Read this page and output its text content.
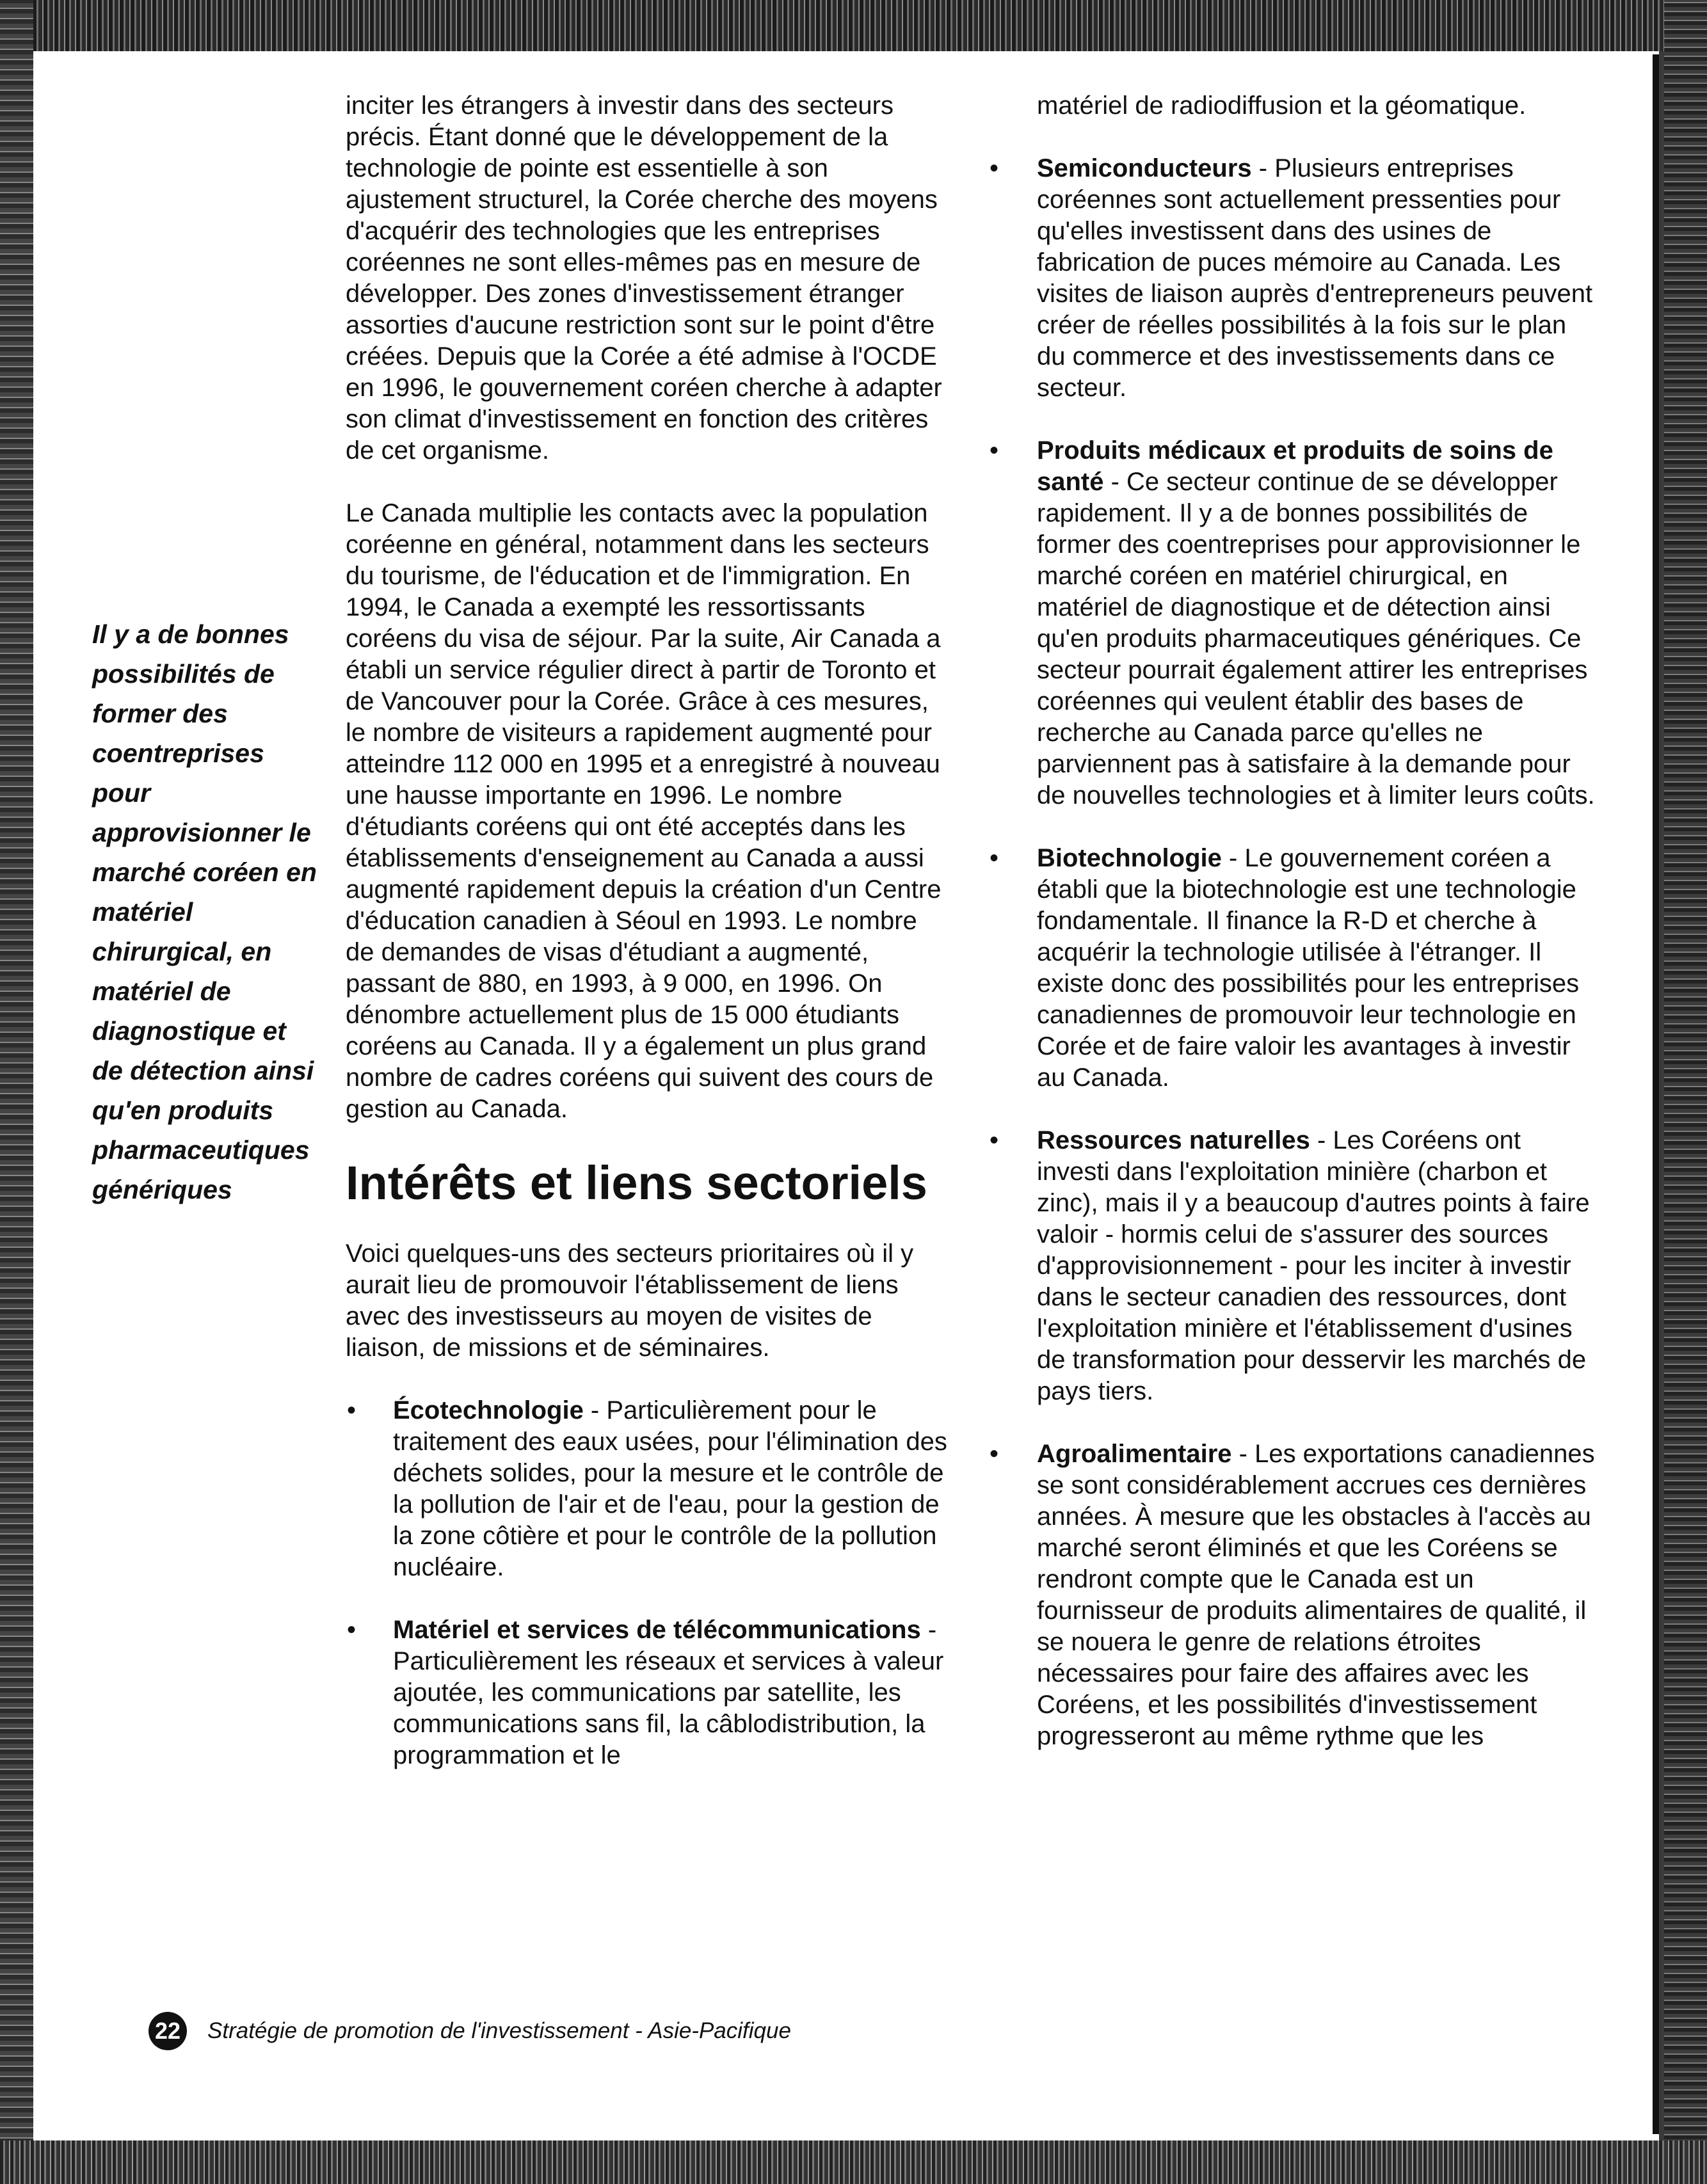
Il y a de bonnes possibilités de former des coentreprises pour approvisionner le marché coréen en matériel chirurgical, en matériel de diagnostique et de détection ainsi qu'en produits pharmaceutiques génériques

inciter les étrangers à investir dans des secteurs précis. Étant donné que le développement de la technologie de pointe est essentielle à son ajustement structurel, la Corée cherche des moyens d'acquérir des technologies que les entreprises coréennes ne sont elles-mêmes pas en mesure de développer. Des zones d'investissement étranger assorties d'aucune restriction sont sur le point d'être créées. Depuis que la Corée a été admise à l'OCDE en 1996, le gouvernement coréen cherche à adapter son climat d'investissement en fonction des critères de cet organisme.

Le Canada multiplie les contacts avec la population coréenne en général, notamment dans les secteurs du tourisme, de l'éducation et de l'immigration. En 1994, le Canada a exempté les ressortissants coréens du visa de séjour. Par la suite, Air Canada a établi un service régulier direct à partir de Toronto et de Vancouver pour la Corée. Grâce à ces mesures, le nombre de visiteurs a rapidement augmenté pour atteindre 112 000 en 1995 et a enregistré à nouveau une hausse importante en 1996. Le nombre d'étudiants coréens qui ont été acceptés dans les établissements d'enseignement au Canada a aussi augmenté rapidement depuis la création d'un Centre d'éducation canadien à Séoul en 1993. Le nombre de demandes de visas d'étudiant a augmenté, passant de 880, en 1993, à 9 000, en 1996. On dénombre actuellement plus de 15 000 étudiants coréens au Canada. Il y a également un plus grand nombre de cadres coréens qui suivent des cours de gestion au Canada.

Intérêts et liens sectoriels

Voici quelques-uns des secteurs prioritaires où il y aurait lieu de promouvoir l'établissement de liens avec des investisseurs au moyen de visites de liaison, de missions et de séminaires.

• Écotechnologie - Particulièrement pour le traitement des eaux usées, pour l'élimination des déchets solides, pour la mesure et le contrôle de la pollution de l'air et de l'eau, pour la gestion de la zone côtière et pour le contrôle de la pollution nucléaire.
• Matériel et services de télécommunications - Particulièrement les réseaux et services à valeur ajoutée, les communications par satellite, les communications sans fil, la câblodistribution, la programmation et le
matériel de radiodiffusion et la géomatique.
• Semiconducteurs - Plusieurs entreprises coréennes sont actuellement pressenties pour qu'elles investissent dans des usines de fabrication de puces mémoire au Canada. Les visites de liaison auprès d'entrepreneurs peuvent créer de réelles possibilités à la fois sur le plan du commerce et des investissements dans ce secteur.
• Produits médicaux et produits de soins de santé - Ce secteur continue de se développer rapidement. Il y a de bonnes possibilités de former des coentreprises pour approvisionner le marché coréen en matériel chirurgical, en matériel de diagnostique et de détection ainsi qu'en produits pharmaceutiques génériques. Ce secteur pourrait également attirer les entreprises coréennes qui veulent établir des bases de recherche au Canada parce qu'elles ne parviennent pas à satisfaire à la demande pour de nouvelles technologies et à limiter leurs coûts.
• Biotechnologie - Le gouvernement coréen a établi que la biotechnologie est une technologie fondamentale. Il finance la R-D et cherche à acquérir la technologie utilisée à l'étranger. Il existe donc des possibilités pour les entreprises canadiennes de promouvoir leur technologie en Corée et de faire valoir les avantages à investir au Canada.
• Ressources naturelles - Les Coréens ont investi dans l'exploitation minière (charbon et zinc), mais il y a beaucoup d'autres points à faire valoir - hormis celui de s'assurer des sources d'approvisionnement - pour les inciter à investir dans le secteur canadien des ressources, dont l'exploitation minière et l'établissement d'usines de transformation pour desservir les marchés de pays tiers.
• Agroalimentaire - Les exportations canadiennes se sont considérablement accrues ces dernières années. À mesure que les obstacles à l'accès au marché seront éliminés et que les Coréens se rendront compte que le Canada est un fournisseur de produits alimentaires de qualité, il se nouera le genre de relations étroites nécessaires pour faire des affaires avec les Coréens, et les possibilités d'investissement progresseront au même rythme que les
22 Stratégie de promotion de l'investissement - Asie-Pacifique
